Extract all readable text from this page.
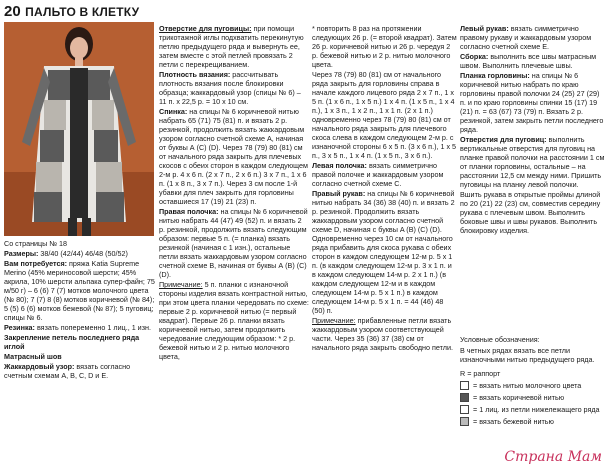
20 ПАЛЬТО В КЛЕТКУ

Со страницы № 18

Размеры: 38/40 (42/44) 46/48 (50/52)

Вам потребуется: пряжа Katia Supreme Merino (45% мериносовой шерсти; 45% акрила, 10% шерсти альпака супер-файн; 75 м/50 г) – 6 (6) 7 (7) мотков молочного цвета (№ 80); 7 (7) 8 (8) мотков коричневой (№ 84); 5 (5) 6 (6) мотков бежевой (№ 87); 5 пуговиц; спицы № 6.

Резинка: вязать попеременно 1 лиц., 1 изн.

Закрепление петель последнего ряда иглой

Матрасный шов

Жаккардовый узор: вязать согласно счетным схемам А, В, С, D и Е.

Отверстие для пуговицы: при помощи трикотажной иглы подхватить перекинутую петлю предыдущего ряда и вывернуть ее, затем вместе с этой петлей провязать 2 петли с перекрещиванием.

Плотность вязания: рассчитывать плотность вязания после блокировки образца; жаккардовый узор (спицы № 6) – 11 п. х 22,5 р. = 10 х 10 см.

Спинка: на спицы № 6 коричневой нитью набрать 65 (71) 75 (81) п. и вязать 2 р. резинкой, продолжить вязать жаккардовым узором согласно счетной схеме А, начиная от буквы А (С) (D). Через 78 (79) 80 (81) см от начального ряда закрыть для плечевых скосов с обеих сторон в каждом следующем 2-м р. 4 х 6 п. (2 х 7 п., 2 х 6 п.) 3 х 7 п., 1 х 6 п. (1 х 8 п., 3 х 7 п.). Через 3 см после 1-й убавки для плеч закрыть для горловины оставшиеся 17 (19) 21 (23) п.

Правая полочка: на спицы № 6 коричневой нитью набрать 44 (47) 49 (52) п. и вязать 2 р. резинкой, продолжить вязать следующим образом: первые 5 п. (= планка) вязать резинкой (начиная с 1 изн.), остальные петли вязать жаккардовым узором согласно счетной схеме В, начиная от буквы А (В) (С) (D).

Примечание: 5 п. планки с изнаночной стороны изделия вязать контрастной нитью, при этом цвета планки чередовать по схеме: первые 2 р. коричневой нитью (= первый квадрат). Первые 26 р. планки вязать коричневой нитью, затем продолжить чередование следующим образом: * 2 р. бежевой нитью и 2 р. нитью молочного цвета,

* повторить 8 раз на протяжении следующих 26 р. (= второй квадрат). Затем 26 р. коричневой нитью и 26 р. чередуя 2 р. бежевой нитью и 2 р. нитью молочного цвета.

Через 78 (79) 80 (81) см от начального ряда закрыть для горловины справа в начале каждого лицевого ряда 2 х 7 п., 1 х 5 п. (1 х 6 п., 1 х 5 п.) 1 х 4 п. (1 х 5 п., 1 х 4 п.), 1 х 3 п., 1 х 2 п., 1 х 1 п. (2 х 1 п.) одновременно через 78 (79) 80 (81) см от начального ряда закрыть для плечевого скоса слева в каждом следующем 2-м р. с изнаночной стороны 6 х 5 п. (3 х 6 п.), 1 х 5 п., 3 х 5 п., 1 х 4 п. (1 х 5 п., 3 х 6 п.).

Левая полочка: вязать симметрично правой полочке и жаккардовым узором согласно счетной схеме С.

Правый рукав: на спицы № 6 коричневой нитью набрать 34 (36) 38 (40) п. и вязать 2 р. резинкой. Продолжить вязать жаккардовым узором согласно счетной схеме D, начиная с буквы A (B) (C) (D). Одновременно через 10 см от начального ряда прибавить для скоса рукава с обеих сторон в каждом следующем 12-м р. 5 х 1 п. (в каждом следующем 12-м р. 3 х 1 п. и в каждом следующем 14-м р. 2 х 1 п.) (в каждом следующем 12-м и в каждом следующем 14-м р. 5 х 1 п.) в каждом следующем 14-м р. 5 х 1 п. = 44 (46) 48 (50) п.

Примечание: прибавленные петли вязать жаккардовым узором соответствующей части. Через 35 (36) 37 (38) см от начального ряда закрыть свободно петли.

Левый рукав: вязать симметрично правому рукаву и жаккардовым узором согласно счетной схеме Е.

Сборка: выполнить все швы матрасным швом. Выполнить плечевые швы.

Планка горловины: на спицы № 6 коричневой нитью набрать по краю горловины правой полочки 24 (25) 27 (29) п. и по краю горловины спинки 15 (17) 19 (21) п. = 63 (67) 73 (79) п. Вязать 2 р. резинкой, затем закрыть петли последнего ряда.

Отверстия для пуговиц: выполнить вертикальные отверстия для пуговиц на планке правой полочки на расстоянии 1 см от планки горловины, остальные – на расстоянии 12,5 см между ними. Пришить пуговицы на планку левой полочки.

Вшить рукава в открытые проймы длиной по 20 (21) 22 (23) см, совместив середину рукава с плечевым швом. Выполнить боковые швы и швы рукавов. Выполнить блокировку изделия.

Условные обозначения:

В четных рядах вязать все петли изнаночными нитью предыдущего ряда.

R = раппорт
= вязать нитью молочного цвета
= вязать коричневой нитью
= 1 лиц. из петли нижележащего ряда
= вязать бежевой нитью
Страна Мам
